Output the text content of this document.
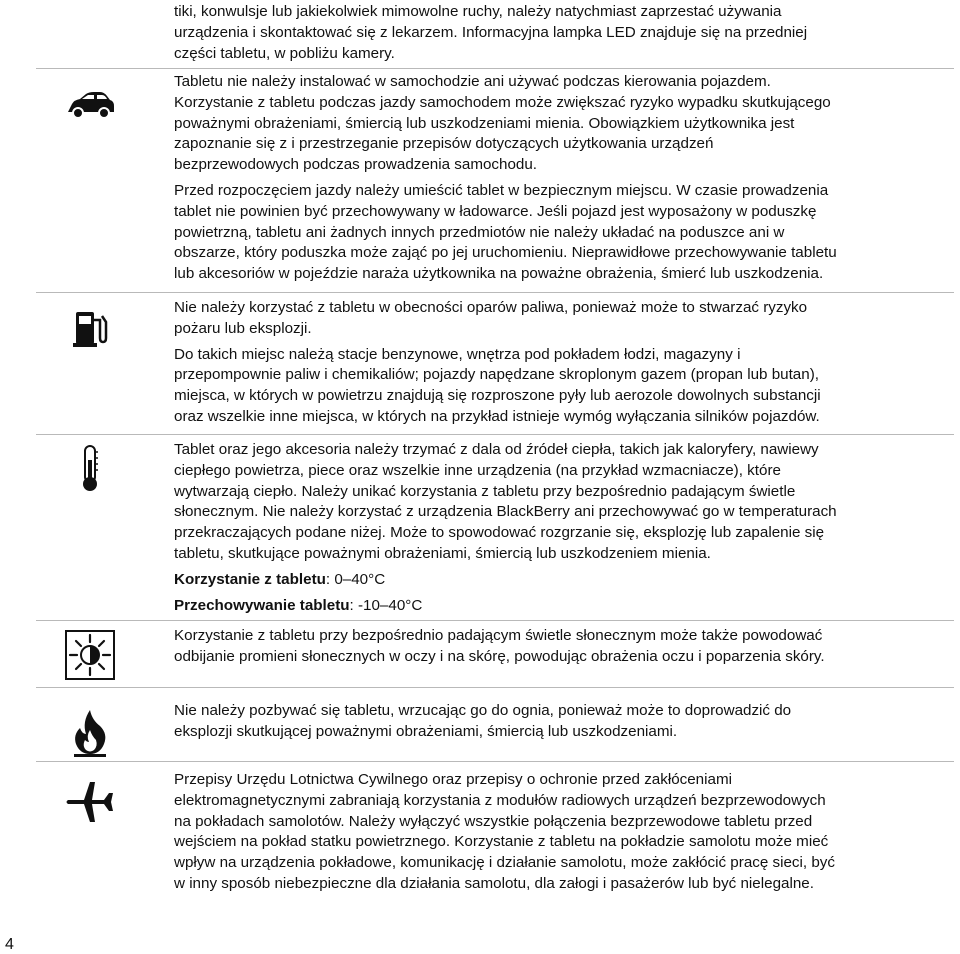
tiki, konwulsje lub jakiekolwiek mimowolne ruchy, należy natychmiast zaprzestać używania
urządzenia i skontaktować się z lekarzem. Informacyjna lampka LED znajduje się na przedniej
części tabletu, w pobliżu kamery.

Tabletu nie należy instalować w samochodzie ani używać podczas kierowania pojazdem.
Korzystanie z tabletu podczas jazdy samochodem może zwiększać ryzyko wypadku skutkującego
poważnymi obrażeniami, śmiercią lub uszkodzeniami mienia. Obowiązkiem użytkownika jest
zapoznanie się z i przestrzeganie przepisów dotyczących użytkowania urządzeń
bezprzewodowych podczas prowadzenia samochodu.

Przed rozpoczęciem jazdy należy umieścić tablet w bezpiecznym miejscu. W czasie prowadzenia
tablet nie powinien być przechowywany w ładowarce. Jeśli pojazd jest wyposażony w poduszkę
powietrzną, tabletu ani żadnych innych przedmiotów nie należy układać na poduszce ani w
obszarze, który poduszka może zająć po jej uruchomieniu. Nieprawidłowe przechowywanie tabletu
lub akcesoriów w pojeździe naraża użytkownika na poważne obrażenia, śmierć lub uszkodzenia.

Nie należy korzystać z tabletu w obecności oparów paliwa, ponieważ może to stwarzać ryzyko
pożaru lub eksplozji.

Do takich miejsc należą stacje benzynowe, wnętrza pod pokładem łodzi, magazyny i
przepompownie paliw i chemikaliów; pojazdy napędzane skroplonym gazem (propan lub butan),
miejsca, w których w powietrzu znajdują się rozproszone pyły lub aerozole dowolnych substancji
oraz wszelkie inne miejsca, w których na przykład istnieje wymóg wyłączania silników pojazdów.

Tablet oraz jego akcesoria należy trzymać z dala od źródeł ciepła, takich jak kaloryfery, nawiewy
ciepłego powietrza, piece oraz wszelkie inne urządzenia (na przykład wzmacniacze), które
wytwarzają ciepło. Należy unikać korzystania z tabletu przy bezpośrednio padającym świetle
słonecznym. Nie należy korzystać z urządzenia BlackBerry ani przechowywać go w temperaturach
przekraczających podane niżej. Może to spowodować rozgrzanie się, eksplozję lub zapalenie się
tabletu, skutkujące poważnymi obrażeniami, śmiercią lub uszkodzeniem mienia.

Korzystanie z tabletu: 0–40°C

Przechowywanie tabletu: -10–40°C

Korzystanie z tabletu przy bezpośrednio padającym świetle słonecznym może także powodować
odbijanie promieni słonecznych w oczy i na skórę, powodując obrażenia oczu i poparzenia skóry.

Nie należy pozbywać się tabletu, wrzucając go do ognia, ponieważ może to doprowadzić do
eksplozji skutkującej poważnymi obrażeniami, śmiercią lub uszkodzeniami.

Przepisy Urzędu Lotnictwa Cywilnego oraz przepisy o ochronie przed zakłóceniami
elektromagnetycznymi zabraniają korzystania z modułów radiowych urządzeń bezprzewodowych
na pokładach samolotów. Należy wyłączyć wszystkie połączenia bezprzewodowe tabletu przed
wejściem na pokład statku powietrznego. Korzystanie z tabletu na pokładzie samolotu może mieć
wpływ na urządzenia pokładowe, komunikację i działanie samolotu, może zakłócić pracę sieci, być
w inny sposób niebezpieczne dla działania samolotu, dla załogi i pasażerów lub być nielegalne.

4
